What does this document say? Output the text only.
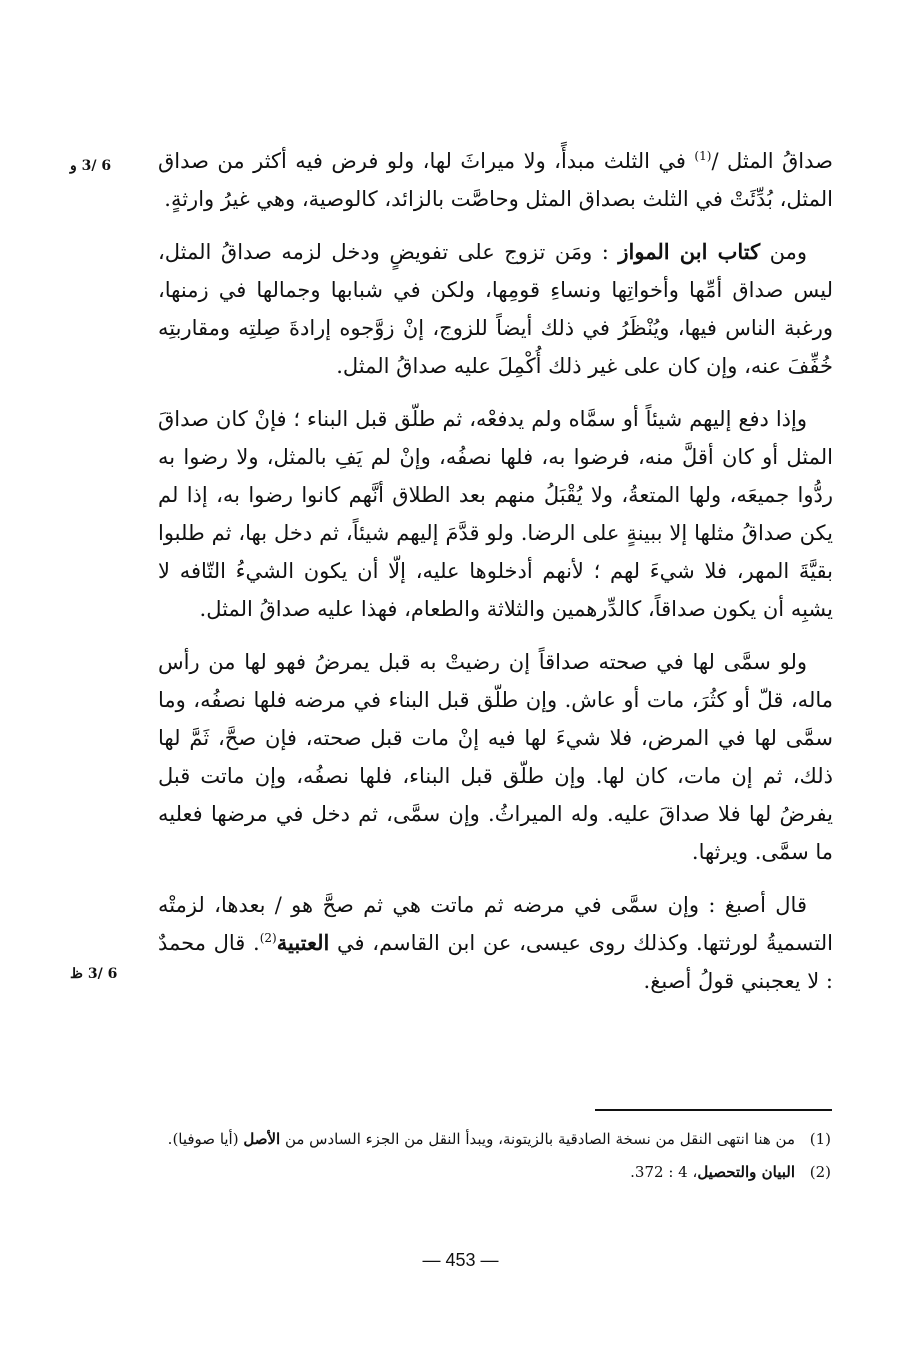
6 /3 و
6 /3 ظ

صداقُ المثل /$^{(1)}$ في الثلث مبدأً، ولا ميراثَ لها، ولو فرض فيه أكثر من صداق المثل، بُدِّئَتْ في الثلث بصداق المثل وحاصَّت بالزائد، كالوصية، وهي غيرُ وارثةٍ.

ومن كتاب ابن المواز : ومَن تزوج على تفويضٍ ودخل لزمه صداقُ المثل، ليس صداق أمِّها وأخواتِها ونساءِ قومِها، ولكن في شبابها وجمالها في زمنها، ورغبة الناس فيها، ويُنْظَرُ في ذلك أيضاً للزوج، إنْ زوَّجوه إرادةَ صِلتِه ومقاربتِه خُفِّفَ عنه، وإن كان على غير ذلك أُكْمِلَ عليه صداقُ المثل.

وإذا دفع إليهم شيئاً أو سمَّاه ولم يدفعْه، ثم طلّق قبل البناء ؛ فإنْ كان صداقَ المثل أو كان أقلَّ منه، فرضوا به، فلها نصفُه، وإنْ لم يَفِ بالمثل، ولا رضوا به ردُّوا جميعَه، ولها المتعةُ، ولا يُقْبَلُ منهم بعد الطلاق أنَّهم كانوا رضوا به، إذا لم يكن صداقُ مثلها إلا ببينةٍ على الرضا. ولو قدَّمَ إليهم شيئاً، ثم دخل بها، ثم طلبوا بقيَّةَ المهر، فلا شيءَ لهم ؛ لأنهم أدخلوها عليه، إلّا أن يكون الشيءُ التّافه لا يشبِه أن يكون صداقاً، كالدِّرهمين والثلاثة والطعام، فهذا عليه صداقُ المثل.

ولو سمَّى لها في صحته صداقاً إن رضيتْ به قبل يمرضُ فهو لها من رأس ماله، قلّ أو كثُرَ، مات أو عاش. وإن طلّق قبل البناء في مرضه فلها نصفُه، وما سمَّى لها في المرض، فلا شيءَ لها فيه إنْ مات قبل صحته، فإن صحَّ، ثَمَّ لها ذلك، ثم إن مات، كان لها. وإن طلّق قبل البناء، فلها نصفُه، وإن ماتت قبل يفرضُ لها فلا صداقَ عليه. وله الميراثُ. وإن سمَّى، ثم دخل في مرضها فعليه ما سمَّى. ويرثها.

قال أصبغ : وإن سمَّى في مرضه ثم ماتت هي ثم صحَّ هو / بعدها، لزمتْه التسميةُ لورثتها. وكذلك روى عيسى، عن ابن القاسم، في العتبية$^{(2)}$. قال محمدٌ : لا يعجبني قولُ أصبغ.

(1)
من هنا انتهى النقل من نسخة الصادقية بالزيتونة، ويبدأ النقل من الجزء السادس من الأصل (أيا صوفيا).
(2)
البيان والتحصيل، 4 : 372.
— 453 —
